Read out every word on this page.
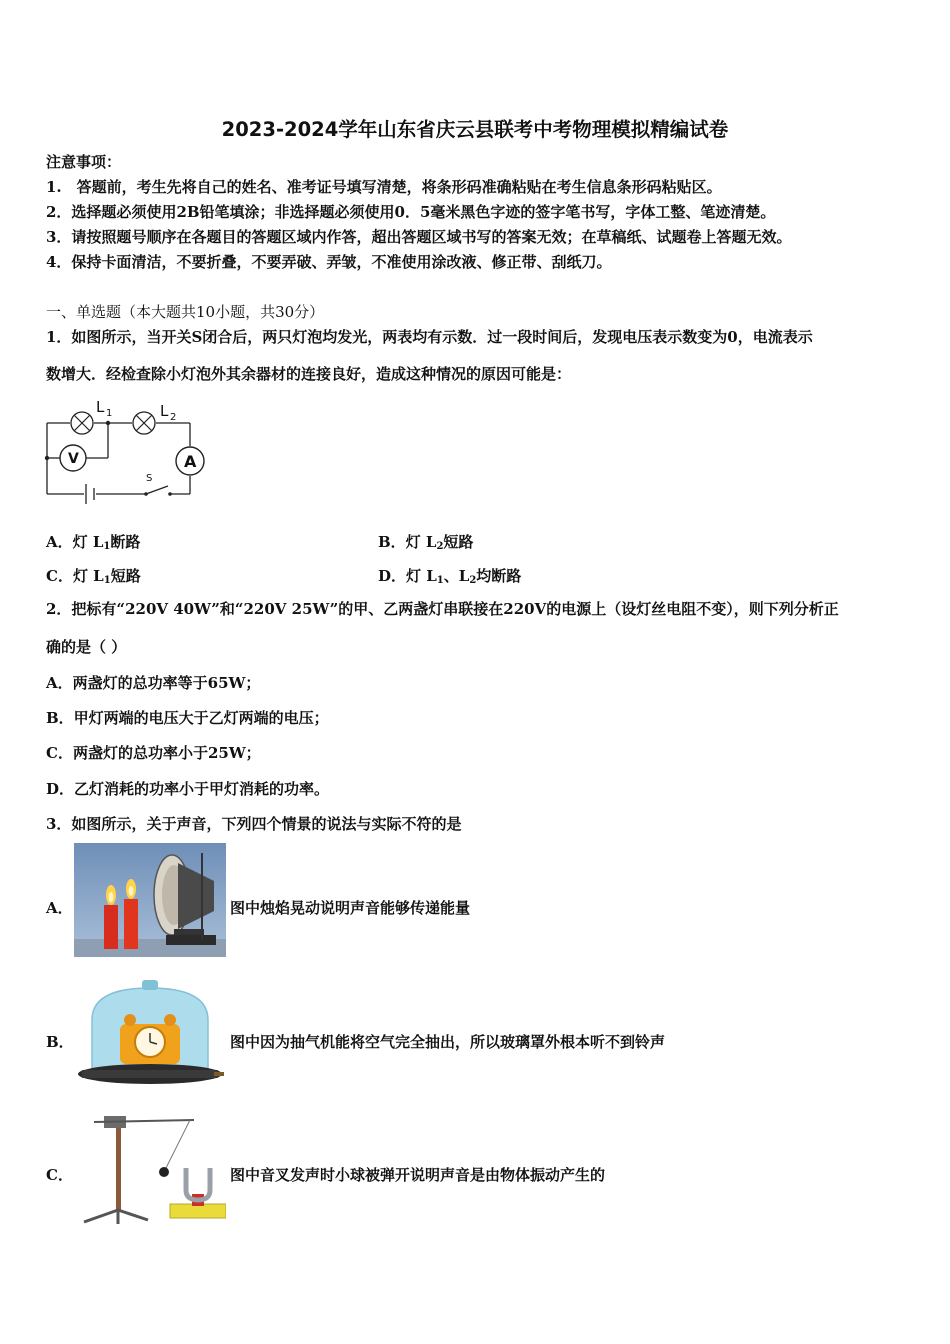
2023-2024学年山东省庆云县联考中考物理模拟精编试卷
注意事项：
1.　答题前，考生先将自己的姓名、准考证号填写清楚，将条形码准确粘贴在考生信息条形码粘贴区。
2．选择题必须使用2B铅笔填涂；非选择题必须使用0．5毫米黑色字迹的签字笔书写，字体工整、笔迹清楚。
3．请按照题号顺序在各题目的答题区域内作答，超出答题区域书写的答案无效；在草稿纸、试题卷上答题无效。
4．保持卡面清洁，不要折叠，不要弄破、弄皱，不准使用涂改液、修正带、刮纸刀。
一、单选题（本大题共10小题，共30分）
1．如图所示，当开关S闭合后，两只灯泡均发光，两表均有示数．过一段时间后，发现电压表示数变为0，电流表示
数增大．经检查除小灯泡外其余器材的连接良好，造成这种情况的原因可能是：
V	A
L 1	L 2
S
A．灯 $L_1$断路	B．灯 $L_2$短路
C．灯 $L_1$短路	D．灯 $L_1$、$L_2$均断路
2．把标有“220V 40W”和“220V 25W”的甲、乙两盏灯串联接在220V的电源上（设灯丝电阻不变），则下列分析正
确的是（ ）
A．两盏灯的总功率等于65W；
B．甲灯两端的电压大于乙灯两端的电压；
C．两盏灯的总功率小于25W；
D．乙灯消耗的功率小于甲灯消耗的功率。
3．如图所示，关于声音，下列四个情景的说法与实际不符的是
A．	图中烛焰晃动说明声音能够传递能量
B．	图中因为抽气机能将空气完全抽出，所以玻璃罩外根本听不到铃声
C．	图中音叉发声时小球被弹开说明声音是由物体振动产生的
